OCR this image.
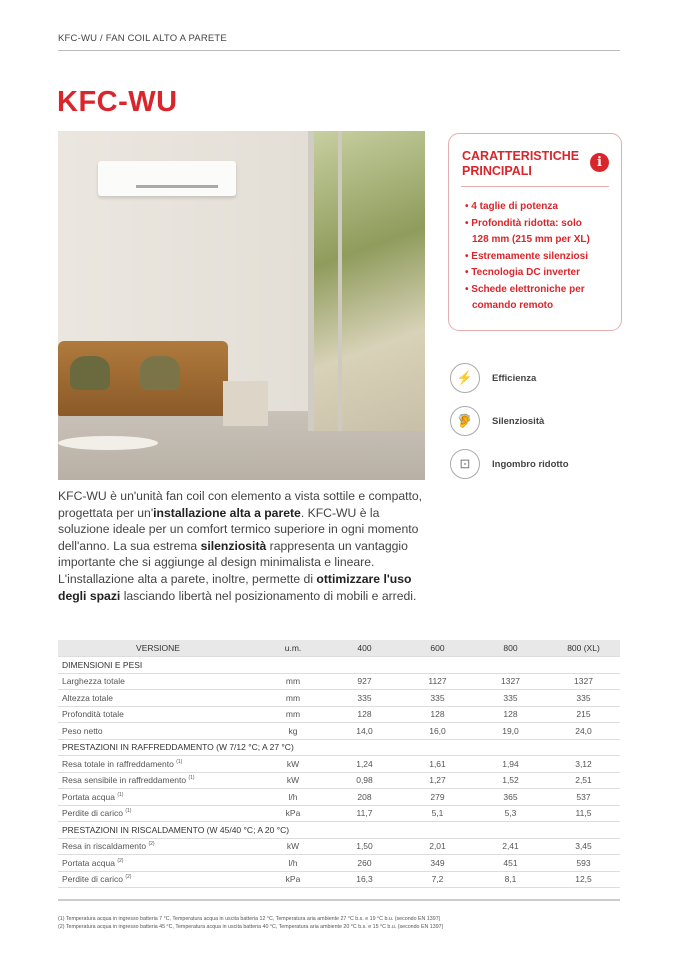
KFC-WU / FAN COIL ALTO A PARETE
KFC-WU
CARATTERISTICHE
PRINCIPALI
i
• 4 taglie di potenza
• Profondità ridotta: solo
128 mm (215 mm per XL)
• Estremamente silenziosi
• Tecnologia DC inverter
• Schede elettroniche per
comando remoto
⚡	Efficienza
🦻	Silenziosità
⊡	Ingombro ridotto

KFC-WU è un'unità fan coil con elemento a vista sottile e compatto, progettata per un'installazione alta a parete. KFC-WU è la soluzione ideale per un comfort termico superiore in ogni momento dell'anno. La sua estrema silenziosità rappresenta un vantaggio importante che si aggiunge al design minimalista e lineare. L'installazione alta a parete, inoltre, permette di ottimizzare l'uso degli spazi lasciando libertà nel posizionamento di mobili e arredi.

VERSIONE	u.m.	400	600	800	800 (XL)
DIMENSIONI E PESI					
Larghezza totale	mm	927	1127	1327	1327
Altezza totale	mm	335	335	335	335
Profondità totale	mm	128	128	128	215
Peso netto	kg	14,0	16,0	19,0	24,0
PRESTAZIONI IN RAFFREDDAMENTO (W 7/12 °C; A 27 °C)					
Resa totale in raffreddamento $^{(1)}$	kW	1,24	1,61	1,94	3,12
Resa sensibile in raffreddamento $^{(1)}$	kW	0,98	1,27	1,52	2,51
Portata acqua $^{(1)}$	l/h	208	279	365	537
Perdite di carico $^{(1)}$	kPa	11,7	5,1	5,3	11,5
PRESTAZIONI IN RISCALDAMENTO (W 45/40 °C; A 20 °C)					
Resa in riscaldamento $^{(2)}$	kW	1,50	2,01	2,41	3,45
Portata acqua $^{(2)}$	l/h	260	349	451	593
Perdite di carico $^{(2)}$	kPa	16,3	7,2	8,1	12,5
(1) Temperatura acqua in ingresso batteria 7 °C, Temperatura acqua in uscita batteria 12 °C, Temperatura aria ambiente 27 °C b.s. e 19 °C b.u. (secondo EN 1397)
(2) Temperatura acqua in ingresso batteria 45 °C, Temperatura acqua in uscita batteria 40 °C, Temperatura aria ambiente 20 °C b.s. e 15 °C b.u. (secondo EN 1397)
